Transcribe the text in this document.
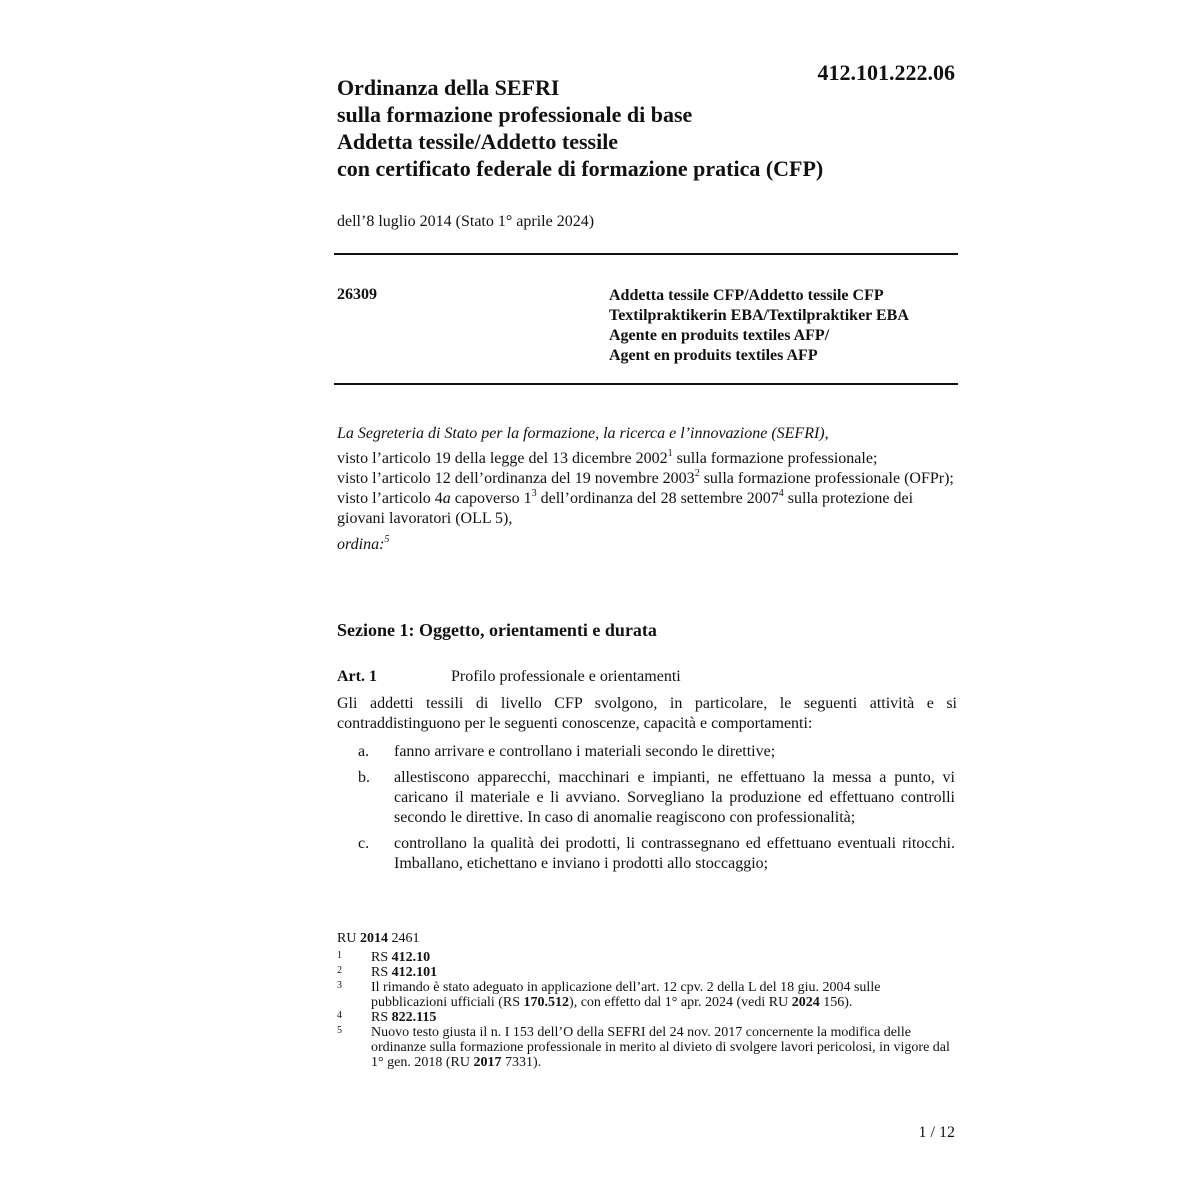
412.101.222.06
Ordinanza della SEFRI
sulla formazione professionale di base
Addetta tessile/Addetto tessile
con certificato federale di formazione pratica (CFP)
dell’8 luglio 2014 (Stato 1° aprile 2024)
26309	Addetta tessile CFP/Addetto tessile CFP
Textilpraktikerin EBA/Textilpraktiker EBA
Agente en produits textiles AFP/
Agent en produits textiles AFP
La Segreteria di Stato per la formazione, la ricerca e l’innovazione (SEFRI),
visto l’articolo 19 della legge del 13 dicembre 2002$^1$ sulla formazione professionale;
visto l’articolo 12 dell’ordinanza del 19 novembre 2003$^2$ sulla formazione professionale (OFPr);
visto l’articolo 4a capoverso $1^3$ dell’ordinanza del 28 settembre 2007$^4$ sulla protezione dei giovani lavoratori (OLL 5),
ordina:$^5$
Sezione 1: Oggetto, orientamenti e durata
Art. 1	Profilo professionale e orientamenti
Gli addetti tessili di livello CFP svolgono, in particolare, le seguenti attività e si contraddistinguono per le seguenti conoscenze, capacità e comportamenti:
a.	fanno arrivare e controllano i materiali secondo le direttive;
b.	allestiscono apparecchi, macchinari e impianti, ne effettuano la messa a punto, vi caricano il materiale e li avviano. Sorvegliano la produzione ed effettuano controlli secondo le direttive. In caso di anomalie reagiscono con professionalità;
c.	controllano la qualità dei prodotti, li contrassegnano ed effettuano eventuali ritocchi. Imballano, etichettano e inviano i prodotti allo stoccaggio;
RU 2014 2461
1	RS 412.10
2	RS 412.101
3	Il rimando è stato adeguato in applicazione dell’art. 12 cpv. 2 della L del 18 giu. 2004 sulle pubblicazioni ufficiali (RS 170.512), con effetto dal 1° apr. 2024 (vedi RU 2024 156).
4	RS 822.115
5	Nuovo testo giusta il n. I 153 dell’O della SEFRI del 24 nov. 2017 concernente la modifica delle ordinanze sulla formazione professionale in merito al divieto di svolgere lavori pericolosi, in vigore dal 1° gen. 2018 (RU 2017 7331).
1 / 12
